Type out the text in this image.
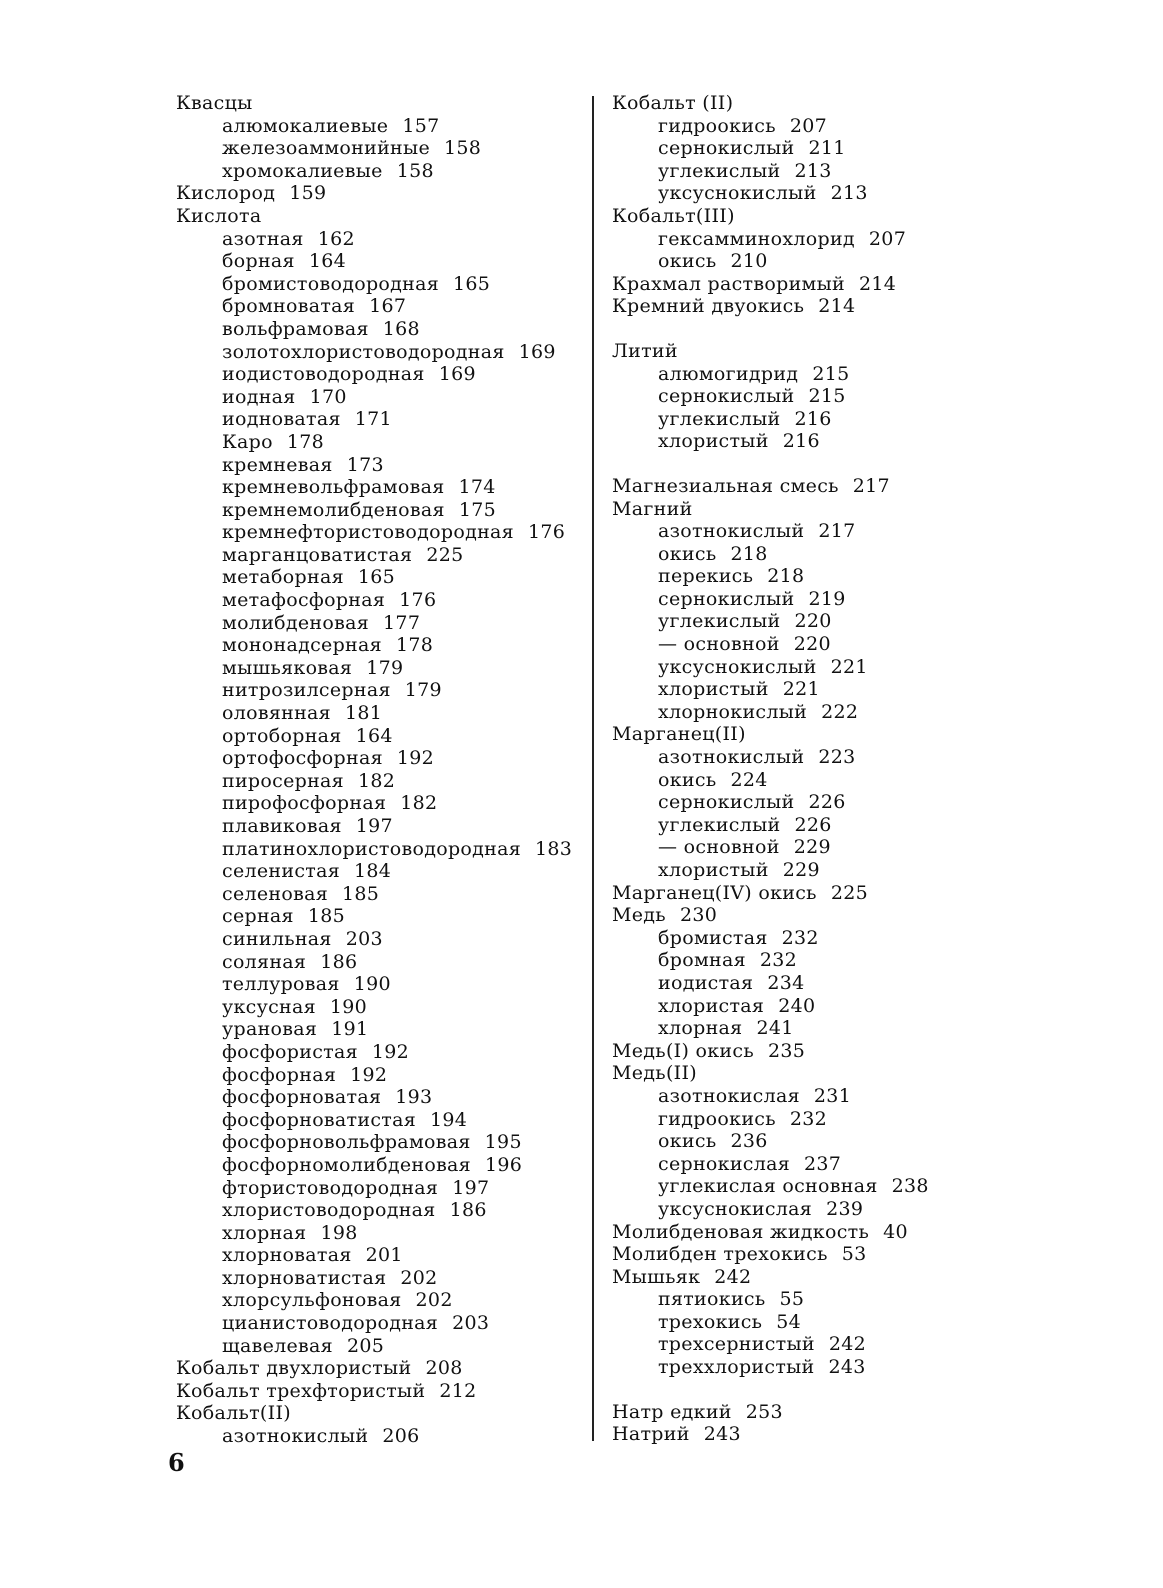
Квасцы
алюмокалиевые 157
железоаммонийные 158
хромокалиевые 158
Кислород 159
Кислота
азотная 162
борная 164
бромистоводородная 165
бромноватая 167
вольфрамовая 168
золотохлористоводородная 169
иодистоводородная 169
иодная 170
иодноватая 171
Каро 178
кремневая 173
кремневольфрамовая 174
кремнемолибденовая 175
кремнефтористоводородная 176
марганцоватистая 225
метаборная 165
метафосфорная 176
молибденовая 177
мононадсерная 178
мышьяковая 179
нитрозилсерная 179
оловянная 181
ортоборная 164
ортофосфорная 192
пиросерная 182
пирофосфорная 182
плавиковая 197
платинохлористоводородная 183
селенистая 184
селеновая 185
серная 185
синильная 203
соляная 186
теллуровая 190
уксусная 190
урановая 191
фосфористая 192
фосфорная 192
фосфорноватая 193
фосфорноватистая 194
фосфорновольфрамовая 195
фосфорномолибденовая 196
фтористоводородная 197
хлористоводородная 186
хлорная 198
хлорноватая 201
хлорноватистая 202
хлорсульфоновая 202
цианистоводородная 203
щавелевая 205
Кобальт двухлористый 208
Кобальт трехфтористый 212
Кобальт(II)
азотнокислый 206
Кобальт (II)
гидроокись 207
сернокислый 211
углекислый 213
уксуснокислый 213
Кобальт(III)
гексамминохлорид 207
окись 210
Крахмал растворимый 214
Кремний двуокись 214
Литий
алюмогидрид 215
сернокислый 215
углекислый 216
хлористый 216
Магнезиальная смесь 217
Магний
азотнокислый 217
окись 218
перекись 218
сернокислый 219
углекислый 220
— основной 220
уксуснокислый 221
хлористый 221
хлорнокислый 222
Марганец(II)
азотнокислый 223
окись 224
сернокислый 226
углекислый 226
— основной 229
хлористый 229
Марганец(IV) окись 225
Медь 230
бромистая 232
бромная 232
иодистая 234
хлористая 240
хлорная 241
Медь(I) окись 235
Медь(II)
азотнокислая 231
гидроокись 232
окись 236
сернокислая 237
углекислая основная 238
уксуснокислая 239
Молибденовая жидкость 40
Молибден трехокись 53
Мышьяк 242
пятиокись 55
трехокись 54
трехсернистый 242
треххлористый 243
Натр едкий 253
Натрий 243
6
